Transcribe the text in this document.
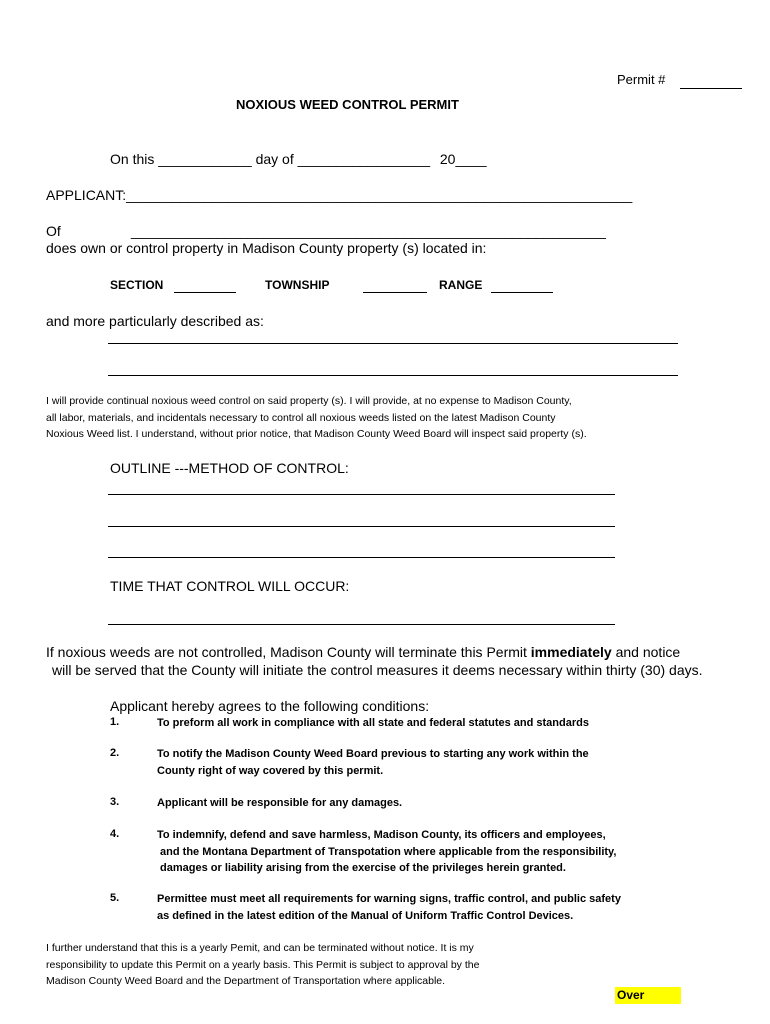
Permit #
NOXIOUS WEED CONTROL PERMIT
On this ____________ day of _________________ 20____
APPLICANT:_________________________________________________________________
Of	_____________________________________________________________
does own or control property in Madison County property (s) located in:
SECTION	TOWNSHIP	RANGE
and more particularly described as:
I will provide continual noxious weed control on said property (s). I will provide, at no expense to Madison County,
all labor, materials, and incidentals necessary to control all noxious weeds listed on the latest Madison County
Noxious Weed list. I understand, without prior notice, that Madison County Weed Board will inspect said property (s).
OUTLINE ---METHOD OF CONTROL:
TIME THAT CONTROL WILL OCCUR:
If noxious weeds are not controlled, Madison County will terminate this Permit immediately and notice
will be served that the County will initiate the control measures it deems necessary within thirty (30) days.
Applicant hereby agrees to the following conditions:
1.	To preform all work in compliance with all state and federal statutes and standards
2.	To notify the Madison County Weed Board previous to starting any work within the
County right of way covered by this permit.
3.	Applicant will be responsible for any damages.
4.	To indemnify, defend and save harmless, Madison County, its officers and employees,
and the Montana Department of Transpotation where applicable from the responsibility,
damages or liability arising from the exercise of the privileges herein granted.
5.	Permittee must meet all requirements for warning signs, traffic control, and public safety
as defined in the latest edition of the Manual of Uniform Traffic Control Devices.
I further understand that this is a yearly Pemit, and can be terminated without notice. It is my
responsibility to update this Permit on a yearly basis. This Permit is subject to approval by the
Madison County Weed Board and the Department of Transportation where applicable.
Over
